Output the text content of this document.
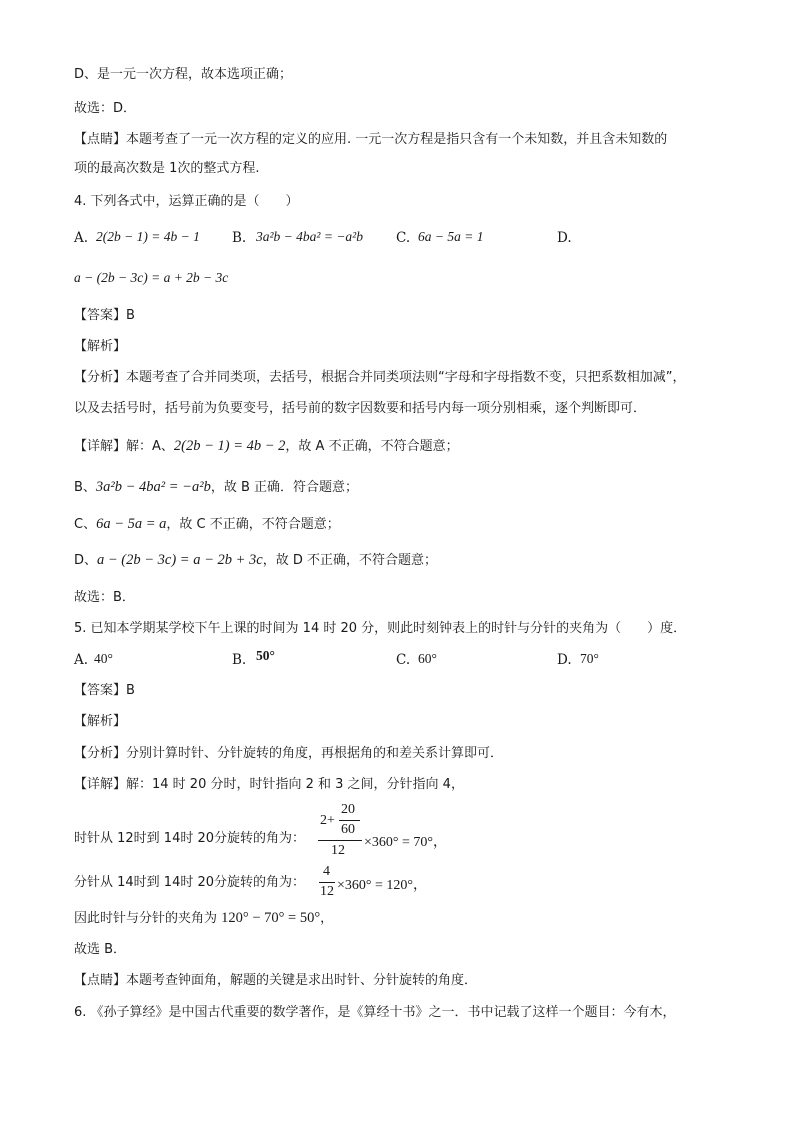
D、是一元一次方程，故本选项正确；
故选：D．
【点睛】本题考查了一元一次方程的定义的应用. 一元一次方程是指只含有一个未知数，并且含未知数的
项的最高次数是 1次的整式方程.
4. 下列各式中，运算正确的是（　　）
A. 2(2b − 1) = 4b − 1 B. 3a²b − 4ba² = −a²b C. 6a − 5a = 1	D.
a − (2b − 3c) = a + 2b − 3c
【答案】B
【解析】
【分析】本题考查了合并同类项，去括号，根据合并同类项法则“字母和字母指数不变，只把系数相加减”，
以及去括号时，括号前为负要变号，括号前的数字因数要和括号内每一项分别相乘，逐个判断即可．
【详解】解：A、2(2b − 1) = 4b − 2，故 A 不正确，不符合题意；
B、3a²b − 4ba² = −a²b，故 B 正确．符合题意；
C、6a − 5a = a，故 C 不正确，不符合题意；
D、a − (2b − 3c) = a − 2b + 3c，故 D 不正确，不符合题意；
故选：B．
5. 已知本学期某学校下午上课的时间为 14 时 20 分，则此时刻钟表上的时针与分针的夹角为（　　）度．
A. 40°	B. 50°	C. 60°	D. 70°
【答案】B
【解析】
【分析】分别计算时针、分针旋转的角度，再根据角的和差关系计算即可．
【详解】解：14 时 20 分时，时针指向 2 和 3 之间，分针指向 4，
时针从 12时到 14时 20分旋转的角为：
2+
20
60
12
×360° = 70°，
分针从 14时到 14时 20分旋转的角为：
4
12 ×360° = 120°，
因此时针与分针的夹角为 120° − 70° = 50°，
故选 B．
【点睛】本题考查钟面角，解题的关键是求出时针、分针旋转的角度．
6. 《孙子算经》是中国古代重要的数学著作，是《算经十书》之一．书中记载了这样一个题目：今有木，
